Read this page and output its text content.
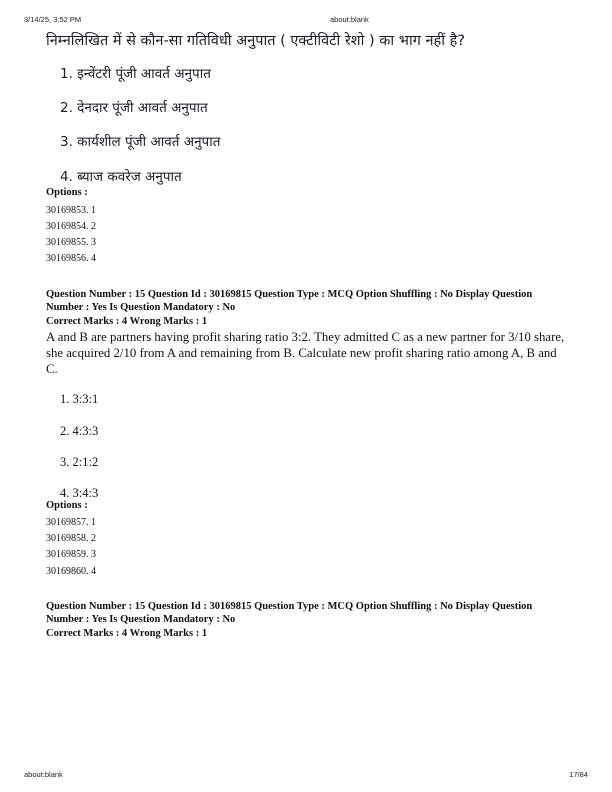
3/14/25, 3:52 PM	about:blank
निम्नलिखित में से कौन-सा गतिविधी अनुपात ( एक्टीविटी रेशो ) का भाग नहीं है?
1. इन्वेंटरी पूंजी आवर्त अनुपात
2. देनदार पूंजी आवर्त अनुपात
3. कार्यशील पूंजी आवर्त अनुपात
4. ब्याज कवरेज अनुपात
Options :
30169853. 1
30169854. 2
30169855. 3
30169856. 4
Question Number : 15 Question Id : 30169815 Question Type : MCQ Option Shuffling : No Display Question Number : Yes Is Question Mandatory : No
Correct Marks : 4 Wrong Marks : 1
A and B are partners having profit sharing ratio 3:2. They admitted C as a new partner for 3/10 share, she acquired 2/10 from A and remaining from B. Calculate new profit sharing ratio among A, B and C.
1. 3:3:1
2. 4:3:3
3. 2:1:2
4. 3:4:3
Options :
30169857. 1
30169858. 2
30169859. 3
30169860. 4
Question Number : 15 Question Id : 30169815 Question Type : MCQ Option Shuffling : No Display Question Number : Yes Is Question Mandatory : No
Correct Marks : 4 Wrong Marks : 1
about:blank	17/84
